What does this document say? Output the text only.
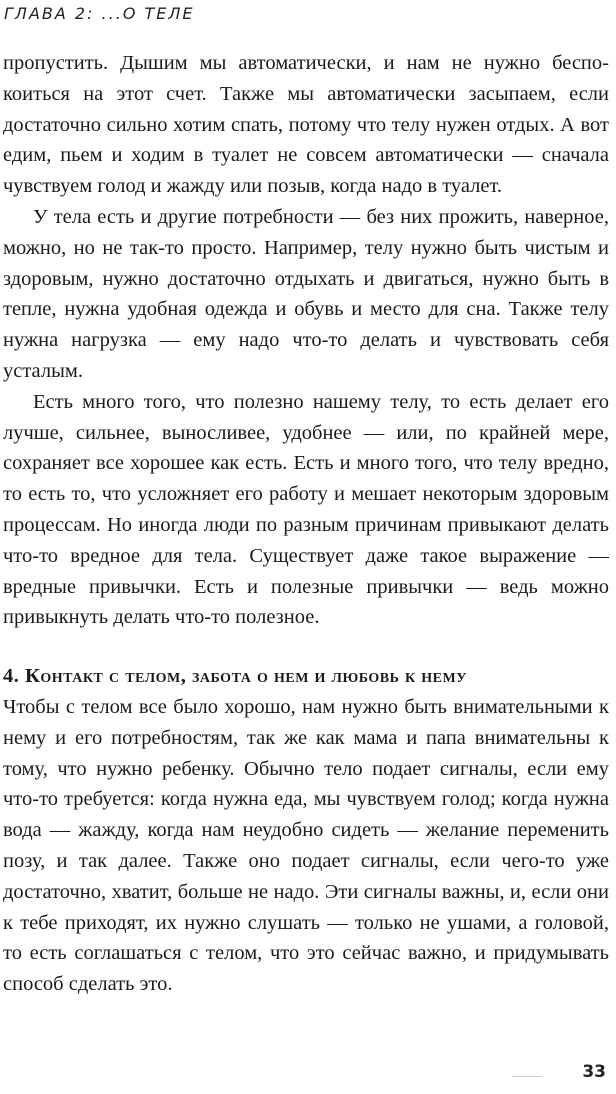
ГЛАВА 2: ...О ТЕЛЕ

пропустить. Дышим мы автоматически, и нам не нужно беспокоиться на этот счет. Также мы автоматически засыпаем, если достаточно сильно хотим спать, потому что телу нужен отдых. А вот едим, пьем и ходим в туалет не совсем автоматически — сначала чувствуем голод и жажду или позыв, когда надо в туалет.

У тела есть и другие потребности — без них прожить, наверное, можно, но не так-то просто. Например, телу нужно быть чистым и здоровым, нужно достаточно отдыхать и двигаться, нужно быть в тепле, нужна удобная одежда и обувь и место для сна. Также телу нужна нагрузка — ему надо что-то делать и чувствовать себя усталым.

Есть много того, что полезно нашему телу, то есть делает его лучше, сильнее, выносливее, удобнее — или, по крайней мере, сохраняет все хорошее как есть. Есть и много того, что телу вредно, то есть то, что усложняет его работу и мешает некоторым здоровым процессам. Но иногда люди по разным причинам привыкают делать что-то вредное для тела. Существует даже такое выражение — вредные привычки. Есть и полезные привычки — ведь можно привыкнуть делать что-то полезное.

4. Контакт с телом, забота о нем и любовь к нему

Чтобы с телом все было хорошо, нам нужно быть внимательными к нему и его потребностям, так же как мама и папа внимательны к тому, что нужно ребенку. Обычно тело подает сигналы, если ему что-то требуется: когда нужна еда, мы чувствуем голод; когда нужна вода — жажду, когда нам неудобно сидеть — желание переменить позу, и так далее. Также оно подает сигналы, если чего-то уже достаточно, хватит, больше не надо. Эти сигналы важны, и, если они к тебе приходят, их нужно слушать — только не ушами, а головой, то есть соглашаться с телом, что это сейчас важно, и придумывать способ сделать это.

33
